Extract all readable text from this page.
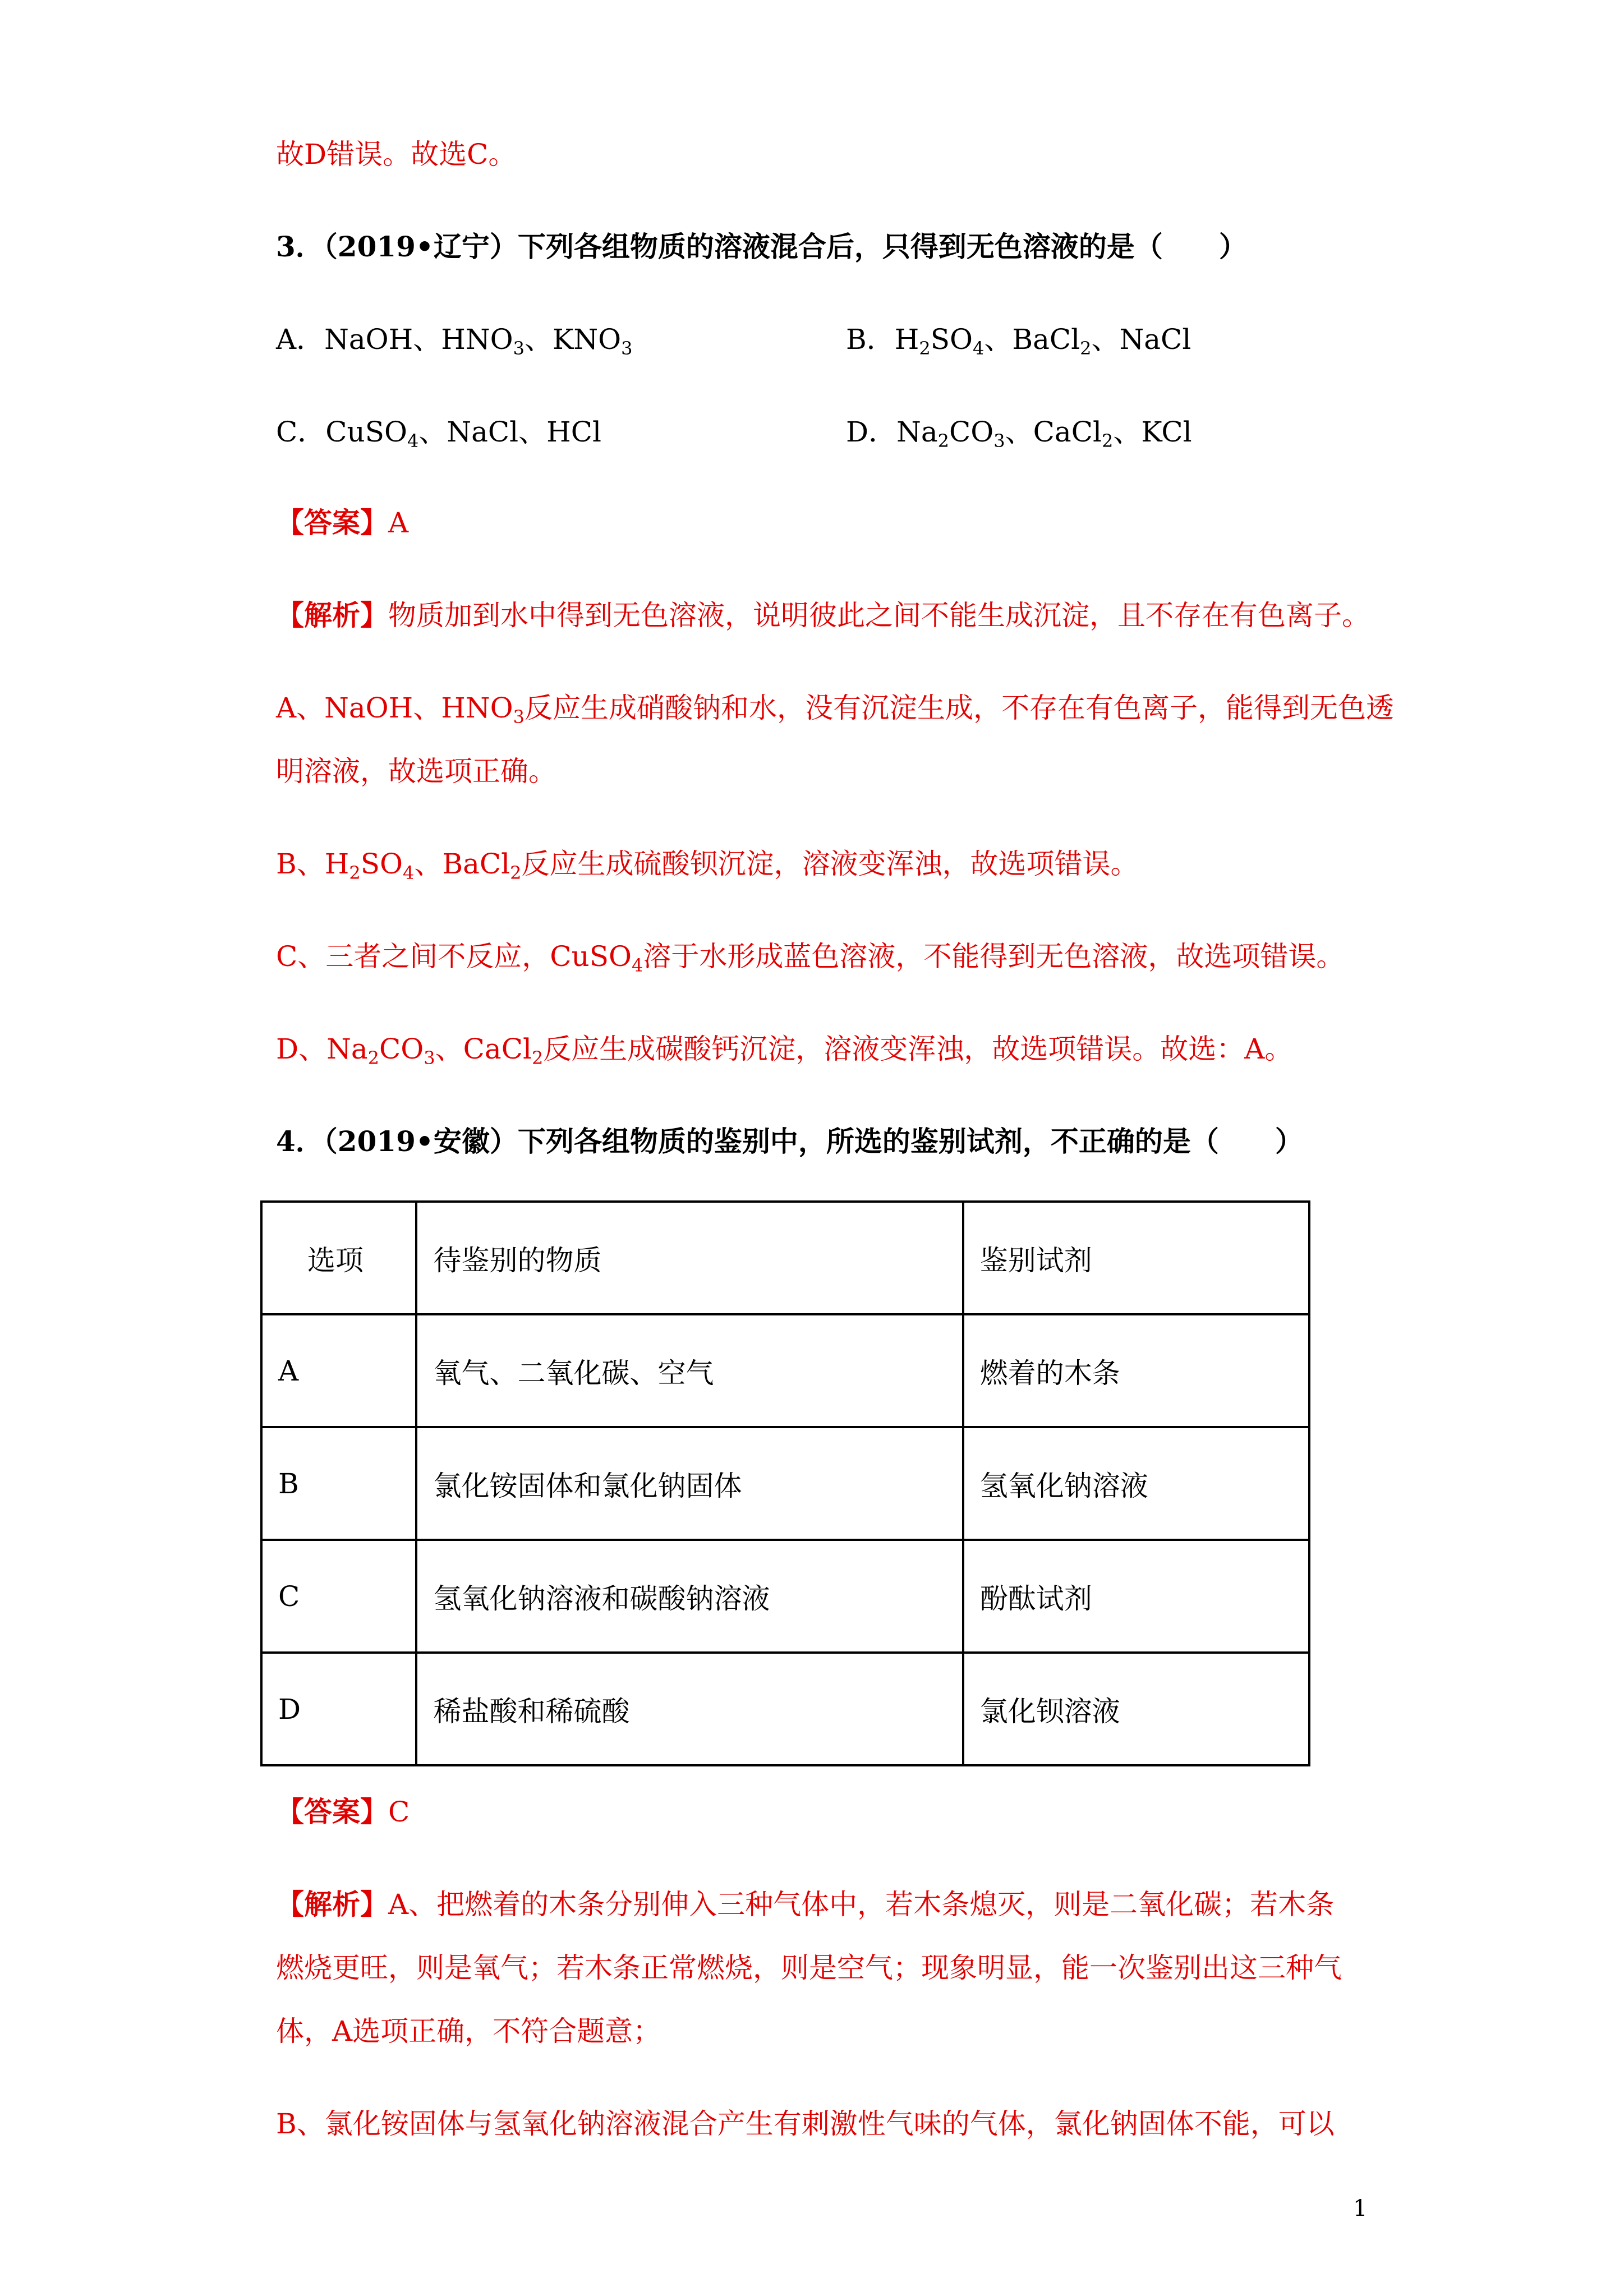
故D错误。故选C。
3．（2019•辽宁）下列各组物质的溶液混合后，只得到无色溶液的是（　　）
A．NaOH、$HNO_3$、$KNO_3$	B．$H_2SO_4$、BaCl$_2$、NaCl
C．CuSO$_4$、NaCl、HCl	D．$Na_2CO_3$、CaCl$_2$、KCl
【答案】A
【解析】物质加到水中得到无色溶液，说明彼此之间不能生成沉淀，且不存在有色离子。
A、NaOH、$HNO_3$反应生成硝酸钠和水，没有沉淀生成，不存在有色离子，能得到无色透
明溶液，故选项正确。
B、$H_2SO_4$、BaCl$_2$反应生成硫酸钡沉淀，溶液变浑浊，故选项错误。
C、三者之间不反应，CuSO$_4$溶于水形成蓝色溶液，不能得到无色溶液，故选项错误。
D、$Na_2CO_3$、CaCl$_2$反应生成碳酸钙沉淀，溶液变浑浊，故选项错误。故选：A。
4．（2019•安徽）下列各组物质的鉴别中，所选的鉴别试剂，不正确的是（　　）
选项	待鉴别的物质	鉴别试剂
A	氧气、二氧化碳、空气	燃着的木条
B	氯化铵固体和氯化钠固体	氢氧化钠溶液
C	氢氧化钠溶液和碳酸钠溶液	酚酞试剂
D	稀盐酸和稀硫酸	氯化钡溶液
【答案】C
【解析】A、把燃着的木条分别伸入三种气体中，若木条熄灭，则是二氧化碳；若木条
燃烧更旺，则是氧气；若木条正常燃烧，则是空气；现象明显，能一次鉴别出这三种气
体，A选项正确，不符合题意；
B、氯化铵固体与氢氧化钠溶液混合产生有刺激性气味的气体，氯化钠固体不能，可以
1
